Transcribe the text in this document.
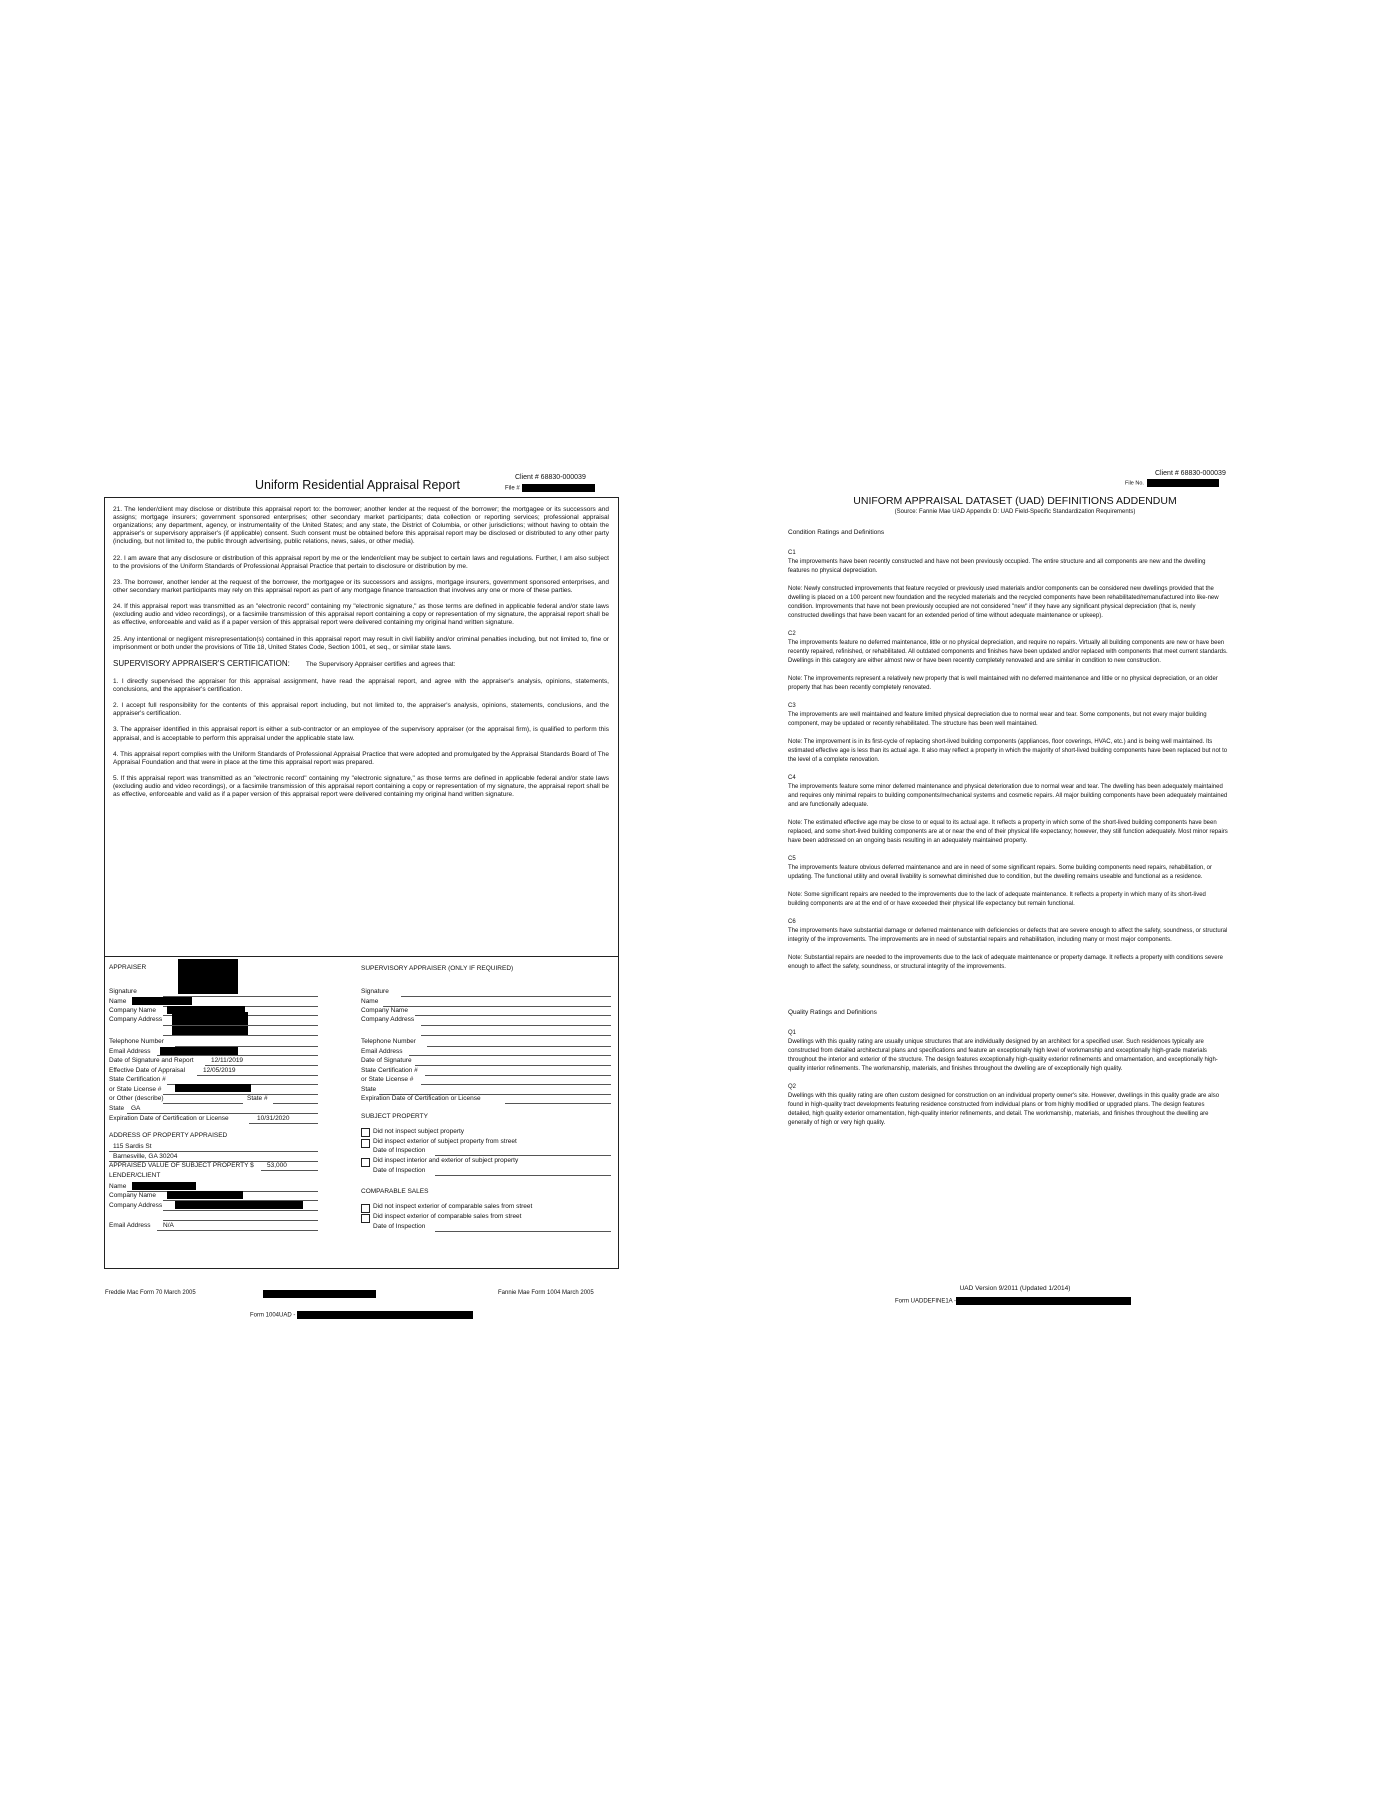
Uniform Residential Appraisal Report
Client # 68830-000039
File #

21. The lender/client may disclose or distribute this appraisal report to: the borrower; another lender at the request of the borrower; the mortgagee or its successors and assigns; mortgage insurers; government sponsored enterprises; other secondary market participants; data collection or reporting services; professional appraisal organizations; any department, agency, or instrumentality of the United States; and any state, the District of Columbia, or other jurisdictions; without having to obtain the appraiser's or supervisory appraiser's (if applicable) consent. Such consent must be obtained before this appraisal report may be disclosed or distributed to any other party (including, but not limited to, the public through advertising, public relations, news, sales, or other media).

22. I am aware that any disclosure or distribution of this appraisal report by me or the lender/client may be subject to certain laws and regulations. Further, I am also subject to the provisions of the Uniform Standards of Professional Appraisal Practice that pertain to disclosure or distribution by me.

23. The borrower, another lender at the request of the borrower, the mortgagee or its successors and assigns, mortgage insurers, government sponsored enterprises, and other secondary market participants may rely on this appraisal report as part of any mortgage finance transaction that involves any one or more of these parties.

24. If this appraisal report was transmitted as an "electronic record" containing my "electronic signature," as those terms are defined in applicable federal and/or state laws (excluding audio and video recordings), or a facsimile transmission of this appraisal report containing a copy or representation of my signature, the appraisal report shall be as effective, enforceable and valid as if a paper version of this appraisal report were delivered containing my original hand written signature.

25. Any intentional or negligent misrepresentation(s) contained in this appraisal report may result in civil liability and/or criminal penalties including, but not limited to, fine or imprisonment or both under the provisions of Title 18, United States Code, Section 1001, et seq., or similar state laws.

SUPERVISORY APPRAISER'S CERTIFICATION: The Supervisory Appraiser certifies and agrees that:

1. I directly supervised the appraiser for this appraisal assignment, have read the appraisal report, and agree with the appraiser's analysis, opinions, statements, conclusions, and the appraiser's certification.

2. I accept full responsibility for the contents of this appraisal report including, but not limited to, the appraiser's analysis, opinions, statements, conclusions, and the appraiser's certification.

3. The appraiser identified in this appraisal report is either a sub-contractor or an employee of the supervisory appraiser (or the appraisal firm), is qualified to perform this appraisal, and is acceptable to perform this appraisal under the applicable state law.

4. This appraisal report complies with the Uniform Standards of Professional Appraisal Practice that were adopted and promulgated by the Appraisal Standards Board of The Appraisal Foundation and that were in place at the time this appraisal report was prepared.

5. If this appraisal report was transmitted as an "electronic record" containing my "electronic signature," as those terms are defined in applicable federal and/or state laws (excluding audio and video recordings), or a facsimile transmission of this appraisal report containing a copy or representation of my signature, the appraisal report shall be as effective, enforceable and valid as if a paper version of this appraisal report were delivered containing my original hand written signature.

APPRAISER
Signature
Name
Company Name
Company Address
Telephone Number
Email Address
Date of Signature and Report	12/11/2019
Effective Date of Appraisal	12/05/2019
State Certification #
or State License #
or Other (describe)	State #
State GA
Expiration Date of Certification or License	10/31/2020
ADDRESS OF PROPERTY APPRAISED
115 Sardis St
Barnesville, GA 30204
APPRAISED VALUE OF SUBJECT PROPERTY $ 53,000
LENDER/CLIENT
Name
Company Name
Company Address
Email Address N/A
SUPERVISORY APPRAISER (ONLY IF REQUIRED)
Signature
Name
Company Name
Company Address
Telephone Number
Email Address
Date of Signature
State Certification #
or State License #
State
Expiration Date of Certification or License
SUBJECT PROPERTY
Did not inspect subject property
Did inspect exterior of subject property from street
Date of Inspection
Did inspect interior and exterior of subject property
Date of Inspection
COMPARABLE SALES
Did not inspect exterior of comparable sales from street
Did inspect exterior of comparable sales from street
Date of Inspection
Freddie Mac Form 70 March 2005	Fannie Mae Form 1004 March 2005
Form 1004UAD -
Client # 68830-000039
File No.
UNIFORM APPRAISAL DATASET (UAD) DEFINITIONS ADDENDUM
(Source: Fannie Mae UAD Appendix D: UAD Field-Specific Standardization Requirements)

Condition Ratings and Definitions

C1

The improvements have been recently constructed and have not been previously occupied. The entire structure and all components are new and the dwelling features no physical depreciation.

Note: Newly constructed improvements that feature recycled or previously used materials and/or components can be considered new dwellings provided that the dwelling is placed on a 100 percent new foundation and the recycled materials and the recycled components have been rehabilitated/remanufactured into like-new condition. Improvements that have not been previously occupied are not considered "new" if they have any significant physical depreciation (that is, newly constructed dwellings that have been vacant for an extended period of time without adequate maintenance or upkeep).

C2

The improvements feature no deferred maintenance, little or no physical depreciation, and require no repairs. Virtually all building components are new or have been recently repaired, refinished, or rehabilitated. All outdated components and finishes have been updated and/or replaced with components that meet current standards. Dwellings in this category are either almost new or have been recently completely renovated and are similar in condition to new construction.

Note: The improvements represent a relatively new property that is well maintained with no deferred maintenance and little or no physical depreciation, or an older property that has been recently completely renovated.

C3

The improvements are well maintained and feature limited physical depreciation due to normal wear and tear. Some components, but not every major building component, may be updated or recently rehabilitated. The structure has been well maintained.

Note: The improvement is in its first-cycle of replacing short-lived building components (appliances, floor coverings, HVAC, etc.) and is being well maintained. Its estimated effective age is less than its actual age. It also may reflect a property in which the majority of short-lived building components have been replaced but not to the level of a complete renovation.

C4

The improvements feature some minor deferred maintenance and physical deterioration due to normal wear and tear. The dwelling has been adequately maintained and requires only minimal repairs to building components/mechanical systems and cosmetic repairs. All major building components have been adequately maintained and are functionally adequate.

Note: The estimated effective age may be close to or equal to its actual age. It reflects a property in which some of the short-lived building components have been replaced, and some short-lived building components are at or near the end of their physical life expectancy; however, they still function adequately. Most minor repairs have been addressed on an ongoing basis resulting in an adequately maintained property.

C5

The improvements feature obvious deferred maintenance and are in need of some significant repairs. Some building components need repairs, rehabilitation, or updating. The functional utility and overall livability is somewhat diminished due to condition, but the dwelling remains useable and functional as a residence.

Note: Some significant repairs are needed to the improvements due to the lack of adequate maintenance. It reflects a property in which many of its short-lived building components are at the end of or have exceeded their physical life expectancy but remain functional.

C6

The improvements have substantial damage or deferred maintenance with deficiencies or defects that are severe enough to affect the safety, soundness, or structural integrity of the improvements. The improvements are in need of substantial repairs and rehabilitation, including many or most major components.

Note: Substantial repairs are needed to the improvements due to the lack of adequate maintenance or property damage. It reflects a property with conditions severe enough to affect the safety, soundness, or structural integrity of the improvements.

Quality Ratings and Definitions

Q1

Dwellings with this quality rating are usually unique structures that are individually designed by an architect for a specified user. Such residences typically are constructed from detailed architectural plans and specifications and feature an exceptionally high level of workmanship and exceptionally high-grade materials throughout the interior and exterior of the structure. The design features exceptionally high-quality exterior refinements and ornamentation, and exceptionally high-quality interior refinements. The workmanship, materials, and finishes throughout the dwelling are of exceptionally high quality.

Q2

Dwellings with this quality rating are often custom designed for construction on an individual property owner's site. However, dwellings in this quality grade are also found in high-quality tract developments featuring residence constructed from individual plans or from highly modified or upgraded plans. The design features detailed, high quality exterior ornamentation, high-quality interior refinements, and detail. The workmanship, materials, and finishes throughout the dwelling are generally of high or very high quality.

UAD Version 9/2011 (Updated 1/2014)
Form UADDEFINE1A -
